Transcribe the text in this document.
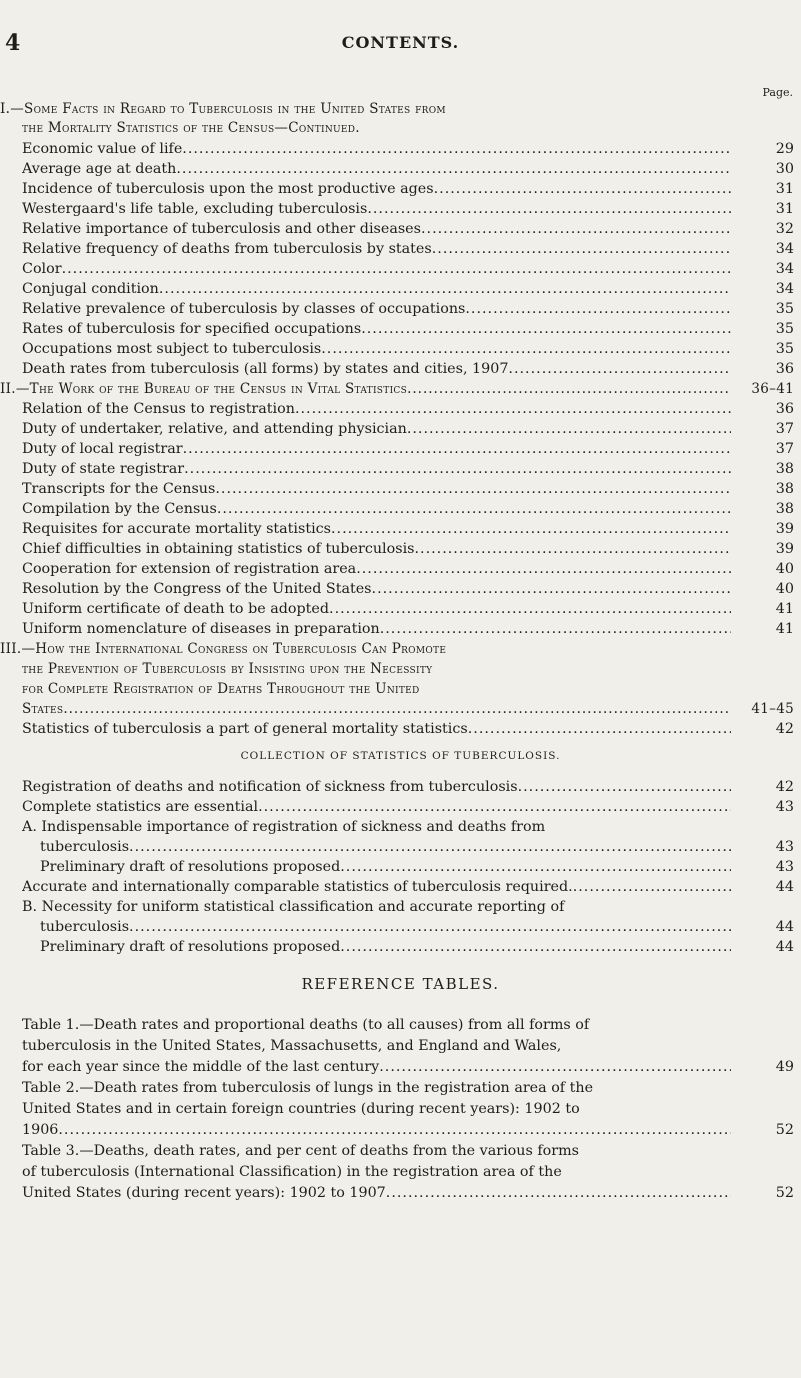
4	CONTENTS.
Page.
I.—Some Facts in Regard to Tuberculosis in the United States from
the Mortality Statistics of the Census—Continued.
Economic value of life .....	29
Average age at death .....	30
Incidence of tuberculosis upon the most productive ages .....	31
Westergaard's life table, excluding tuberculosis .....	31
Relative importance of tuberculosis and other diseases .....	32
Relative frequency of deaths from tuberculosis by states .....	34
Color .....	34
Conjugal condition .....	34
Relative prevalence of tuberculosis by classes of occupations .....	35
Rates of tuberculosis for specified occupations .....	35
Occupations most subject to tuberculosis .....	35
Death rates from tuberculosis (all forms) by states and cities, 1907 .....	36
II.—The Work of the Bureau of the Census in Vital Statistics .....	36–41
Relation of the Census to registration .....	36
Duty of undertaker, relative, and attending physician .....	37
Duty of local registrar .....	37
Duty of state registrar .....	38
Transcripts for the Census .....	38
Compilation by the Census .....	38
Requisites for accurate mortality statistics .....	39
Chief difficulties in obtaining statistics of tuberculosis .....	39
Cooperation for extension of registration area .....	40
Resolution by the Congress of the United States .....	40
Uniform certificate of death to be adopted .....	41
Uniform nomenclature of diseases in preparation .....	41
III.—How the International Congress on Tuberculosis Can Promote
the Prevention of Tuberculosis by Insisting upon the Necessity
for Complete Registration of Deaths Throughout the United
States .....	41–45
Statistics of tuberculosis a part of general mortality statistics .....	42
COLLECTION OF STATISTICS OF TUBERCULOSIS.
Registration of deaths and notification of sickness from tuberculosis .....	42
Complete statistics are essential .....	43
A. Indispensable importance of registration of sickness and deaths from
tuberculosis .....	43
Preliminary draft of resolutions proposed .....	43
Accurate and internationally comparable statistics of tuberculosis required. .....	44
B. Necessity for uniform statistical classification and accurate reporting of
tuberculosis .....	44
Preliminary draft of resolutions proposed .....	44
REFERENCE TABLES.
Table 1.—Death rates and proportional deaths (to all causes) from all forms of
tuberculosis in the United States, Massachusetts, and England and Wales,
for each year since the middle of the last century .....	49
Table 2.—Death rates from tuberculosis of lungs in the registration area of the
United States and in certain foreign countries (during recent years): 1902 to
1906 .....	52
Table 3.—Deaths, death rates, and per cent of deaths from the various forms
of tuberculosis (International Classification) in the registration area of the
United States (during recent years): 1902 to 1907 .....	52
